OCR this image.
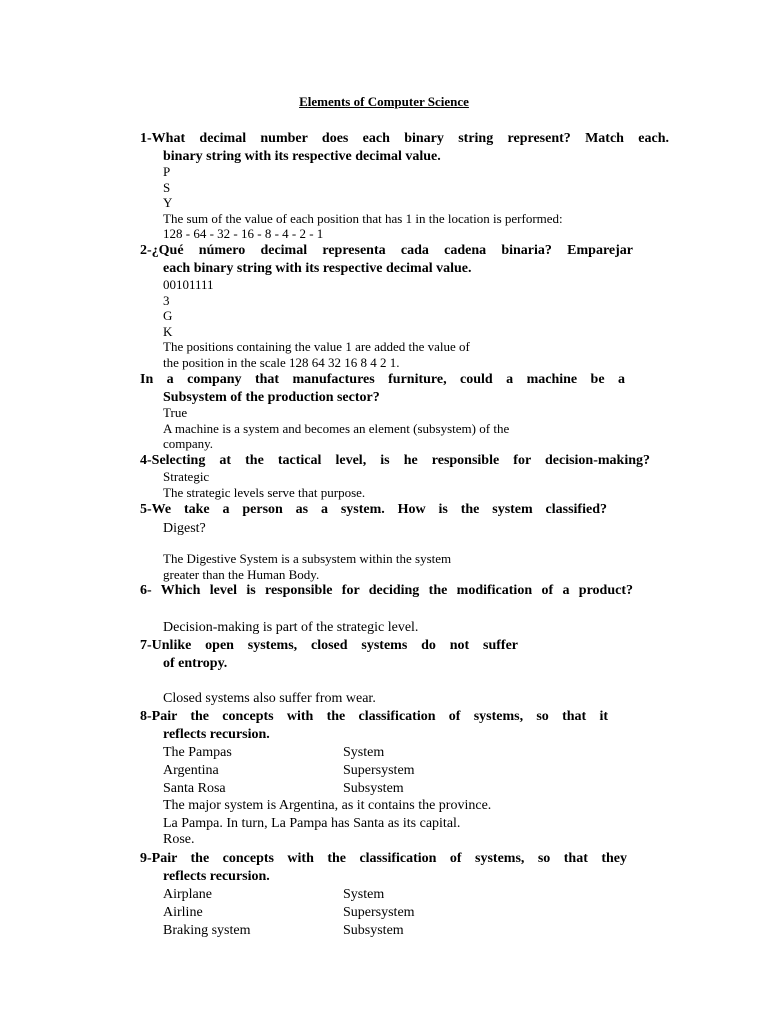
Elements of Computer Science
1-What decimal number does each binary string represent? Match each.
binary string with its respective decimal value.
P
S
Y
The sum of the value of each position that has 1 in the location is performed:
128 - 64 - 32 - 16 - 8 - 4 - 2 - 1
2-¿Qué número decimal representa cada cadena binaria? Emparejar
each binary string with its respective decimal value.
00101111
3
G
K
The positions containing the value 1 are added the value of
the position in the scale 128 64 32 16 8 4 2 1.
In a company that manufactures furniture, could a machine be a
Subsystem of the production sector?
True
A machine is a system and becomes an element (subsystem) of the
company.
4-Selecting at the tactical level, is he responsible for decision-making?
Strategic
The strategic levels serve that purpose.
5-We take a person as a system. How is the system classified?
Digest?
The Digestive System is a subsystem within the system
greater than the Human Body.
6- Which level is responsible for deciding the modification of a product?
Decision-making is part of the strategic level.
7-Unlike open systems, closed systems do not suffer
of entropy.
Closed systems also suffer from wear.
8-Pair the concepts with the classification of systems, so that it
reflects recursion.
The Pampas	System
Argentina	Supersystem
Santa Rosa	Subsystem
The major system is Argentina, as it contains the province.
La Pampa. In turn, La Pampa has Santa as its capital.
Rose.
9-Pair the concepts with the classification of systems, so that they
reflects recursion.
Airplane	System
Airline	Supersystem
Braking system	Subsystem
